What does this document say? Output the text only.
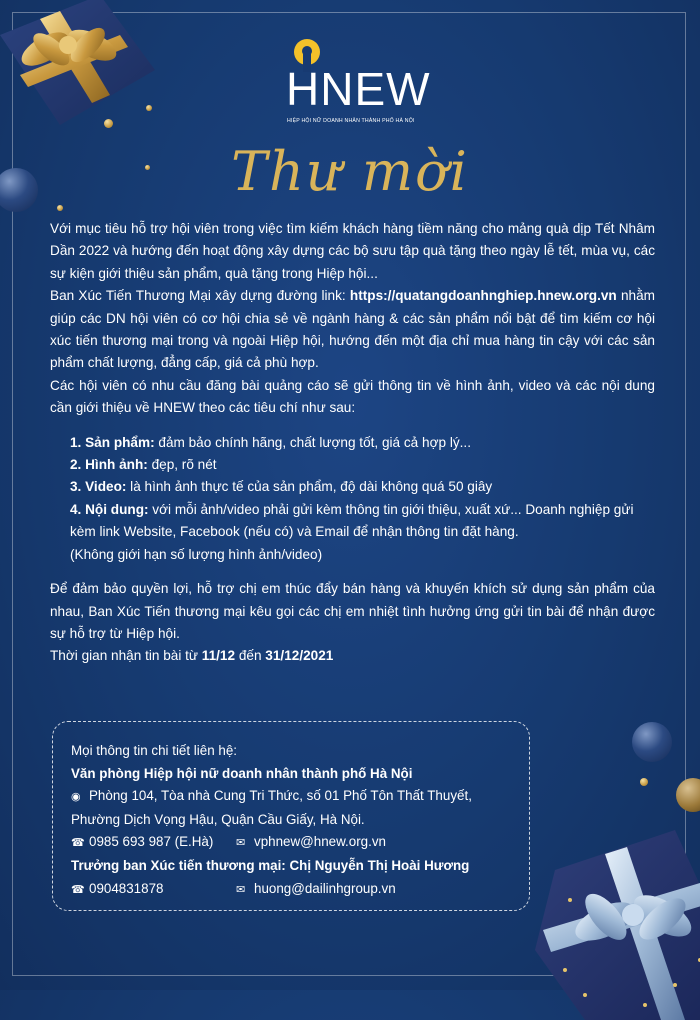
HNEW
HIỆP HỘI NỮ DOANH NHÂN THÀNH PHỐ HÀ NỘI
Thư mời

Với mục tiêu hỗ trợ hội viên trong việc tìm kiếm khách hàng tiềm năng cho mảng quà dịp Tết Nhâm Dần 2022 và hướng đến hoạt động xây dựng các bộ sưu tập quà tặng theo ngày lễ tết, mùa vụ, các sự kiện giới thiệu sản phẩm, quà tặng trong Hiệp hội...

Ban Xúc Tiến Thương Mại xây dựng đường link: https://quatangdoanhnghiep.hnew.org.vn nhằm giúp các DN hội viên có cơ hội chia sẻ về ngành hàng & các sản phẩm nổi bật để tìm kiếm cơ hội xúc tiến thương mại trong và ngoài Hiệp hội, hướng đến một địa chỉ mua hàng tin cậy với các sản phẩm chất lượng, đẳng cấp, giá cả phù hợp.

Các hội viên có nhu cầu đăng bài quảng cáo sẽ gửi thông tin về hình ảnh, video và các nội dung cần giới thiệu về HNEW theo các tiêu chí như sau:

1. Sản phẩm: đảm bảo chính hãng, chất lượng tốt, giá cả hợp lý...

2. Hình ảnh: đẹp, rõ nét

3. Video: là hình ảnh thực tế của sản phẩm, độ dài không quá 50 giây

4. Nội dung: với mỗi ảnh/video phải gửi kèm thông tin giới thiệu, xuất xứ... Doanh nghiệp gửi kèm link Website, Facebook (nếu có) và Email để nhận thông tin đặt hàng.

(Không giới hạn số lượng hình ảnh/video)

Để đảm bảo quyền lợi, hỗ trợ chị em thúc đẩy bán hàng và khuyến khích sử dụng sản phẩm của nhau, Ban Xúc Tiến thương mại kêu gọi các chị em nhiệt tình hưởng ứng gửi tin bài để nhận được sự hỗ trợ từ Hiệp hội.

Thời gian nhận tin bài từ 11/12 đến 31/12/2021

Mọi thông tin chi tiết liên hệ:
Văn phòng Hiệp hội nữ doanh nhân thành phố Hà Nội
◉ Phòng 104, Tòa nhà Cung Tri Thức, số 01 Phố Tôn Thất Thuyết,
Phường Dịch Vọng Hậu, Quận Cầu Giấy, Hà Nội.
☎ 0985 693 987 (E.Hà)	✉ vphnew@hnew.org.vn
Trưởng ban Xúc tiến thương mại: Chị Nguyễn Thị Hoài Hương
☎ 0904831878	✉ huong@dailinhgroup.vn
